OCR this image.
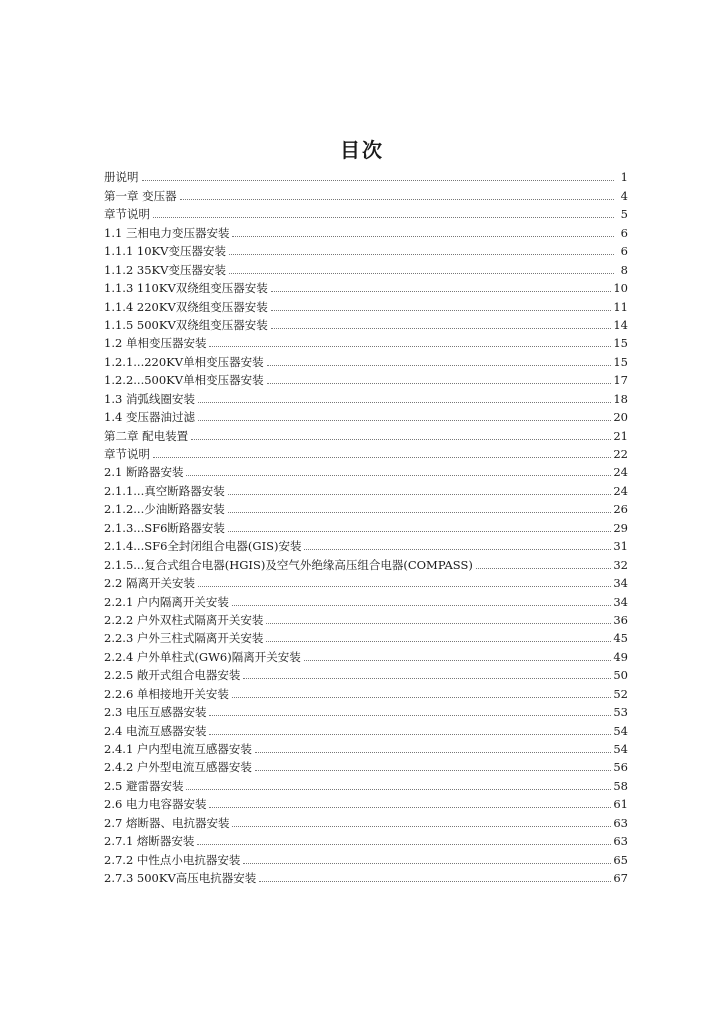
目次
册说明	1
第一章 变压器	4
章节说明	5
1.1 三相电力变压器安装	6
1.1.1 10KV变压器安装	6
1.1.2 35KV变压器安装	8
1.1.3 110KV双绕组变压器安装	10
1.1.4 220KV双绕组变压器安装	11
1.1.5 500KV双绕组变压器安装	14
1.2 单相变压器安装	15
1.2.1...220KV单相变压器安装	15
1.2.2...500KV单相变压器安装	17
1.3 消弧线圈安装	18
1.4 变压器油过滤	20
第二章 配电装置	21
章节说明	22
2.1 断路器安装	24
2.1.1...真空断路器安装	24
2.1.2...少油断路器安装	26
2.1.3...SF6断路器安装	29
2.1.4...SF6全封闭组合电器(GIS)安装	31
2.1.5...复合式组合电器(HGIS)及空气外绝缘高压组合电器(COMPASS)	32
2.2 隔离开关安装	34
2.2.1 户内隔离开关安装	34
2.2.2 户外双柱式隔离开关安装	36
2.2.3 户外三柱式隔离开关安装	45
2.2.4 户外单柱式(GW6)隔离开关安装	49
2.2.5 敞开式组合电器安装	50
2.2.6 单相接地开关安装	52
2.3 电压互感器安装	53
2.4 电流互感器安装	54
2.4.1 户内型电流互感器安装	54
2.4.2 户外型电流互感器安装	56
2.5 避雷器安装	58
2.6 电力电容器安装	61
2.7 熔断器、电抗器安装	63
2.7.1 熔断器安装	63
2.7.2 中性点小电抗器安装	65
2.7.3 500KV高压电抗器安装	67
